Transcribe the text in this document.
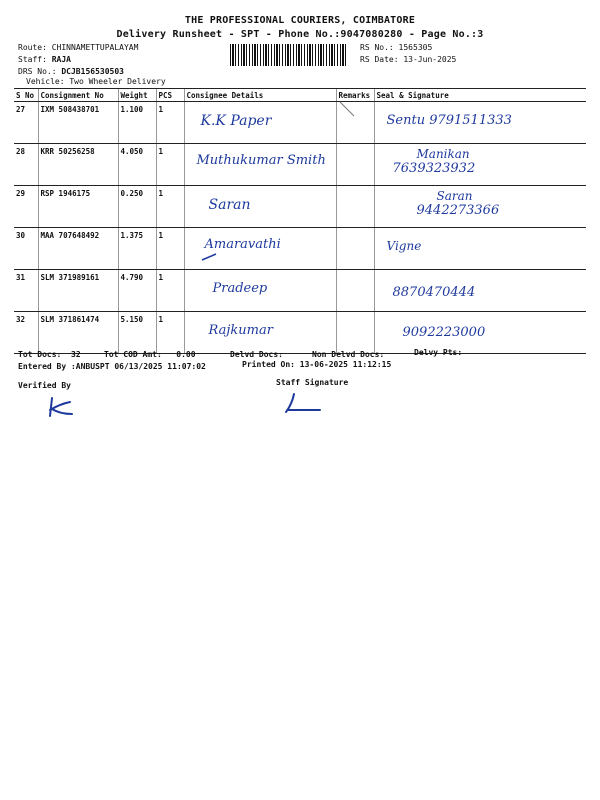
THE PROFESSIONAL COURIERS, COIMBATORE
Delivery Runsheet - SPT - Phone No.:9047080280 - Page No.:3
Route: CHINNAMETTUPALAYAM
Staff: RAJA
DRS No.: DCJB156530503
Vehicle: Two Wheeler Delivery
RS No.: 1565305
RS Date: 13-Jun-2025
S No	Consignment No	Weight	PCS	Consignee Details	Remarks	Seal & Signature
27	IXM 508438701	1.100	1	K.K Paper		Sentu 9791511333

28	KRR 50256258	4.050	1	Muthukumar Smith		Manikan
7639323932

29	RSP 1946175	0.250	1	Saran		Saran
9442273366

30	MAA 707648492	1.375	1	Amaravathi		Vigne

31	SLM 371989161	4.790	1	Pradeep		8870470444

32	SLM 371861474	5.150	1	Rajkumar		9092223000
Tot Docs: 32	Tot COD Amt: 0.00	Delvd Docs:	Non Delvd Docs:	Delvy Pts:
Entered By :ANBUSPT 06/13/2025 11:07:02	Printed On: 13-06-2025 11:12:15
Verified By	Staff Signature
